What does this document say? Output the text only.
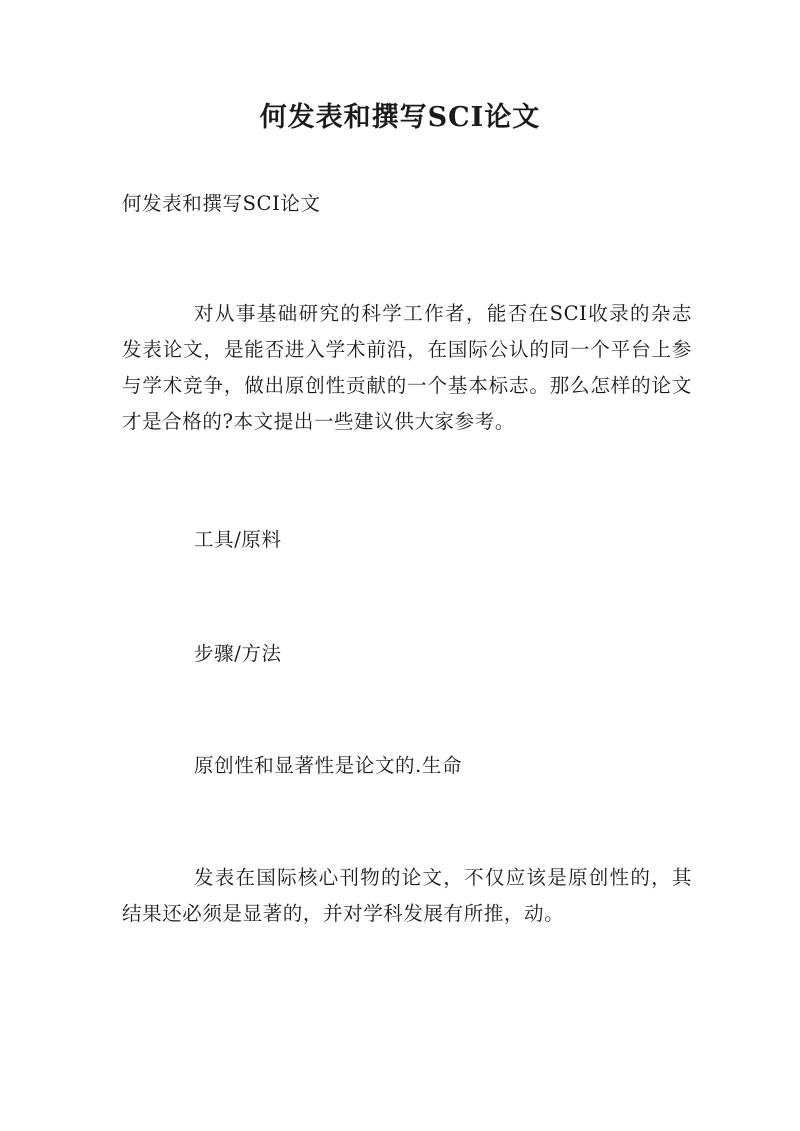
何发表和撰写SCI论文

何发表和撰写SCI论文

对从事基础研究的科学工作者，能否在SCI收录的杂志发表论文，是能否进入学术前沿，在国际公认的同一个平台上参与学术竞争，做出原创性贡献的一个基本标志。那么怎样的论文才是合格的?本文提出一些建议供大家参考。

工具/原料

步骤/方法

原创性和显著性是论文的.生命

发表在国际核心刊物的论文，不仅应该是原创性的，其结果还必须是显著的，并对学科发展有所推，动。
